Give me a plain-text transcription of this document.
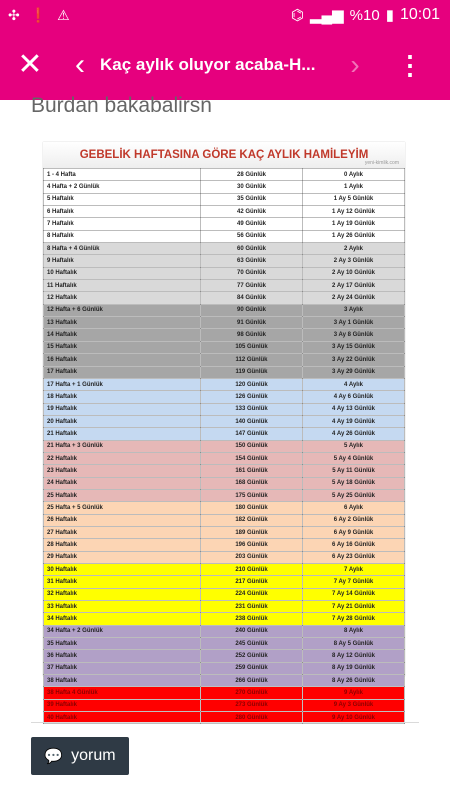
✣ ❗ ⚠	⌬ ▂▄▆ %10 ▮ 10:01
✕	‹ Kaç aylık oluyor acaba-H...	›	⋮
Burdan bakabalirsn
GEBELİK HAFTASINA GÖRE KAÇ AYLIK HAMİLEYİM
yeni-kimlik.com
1 - 4 Hafta	28 Günlük	0 Aylık
4 Hafta + 2 Günlük	30 Günlük	1 Aylık
5 Haftalık	35 Günlük	1 Ay 5 Günlük
6 Haftalık	42 Günlük	1 Ay 12 Günlük
7 Haftalık	49 Günlük	1 Ay 19 Günlük
8 Haftalık	56 Günlük	1 Ay 26 Günlük
8 Hafta + 4 Günlük	60 Günlük	2 Aylık
9 Haftalık	63 Günlük	2 Ay 3 Günlük
10 Haftalık	70 Günlük	2 Ay 10 Günlük
11 Haftalık	77 Günlük	2 Ay 17 Günlük
12 Haftalık	84 Günlük	2 Ay 24 Günlük
12 Hafta + 6 Günlük	90 Günlük	3 Aylık
13 Haftalık	91 Günlük	3 Ay 1 Günlük
14 Haftalık	98 Günlük	3 Ay 8 Günlük
15 Haftalık	105 Günlük	3 Ay 15 Günlük
16 Haftalık	112 Günlük	3 Ay 22 Günlük
17 Haftalık	119 Günlük	3 Ay 29 Günlük
17 Hafta + 1 Günlük	120 Günlük	4 Aylık
18 Haftalık	126 Günlük	4 Ay 6 Günlük
19 Haftalık	133 Günlük	4 Ay 13 Günlük
20 Haftalık	140 Günlük	4 Ay 19 Günlük
21 Haftalık	147 Günlük	4 Ay 26 Günlük
21 Hafta + 3 Günlük	150 Günlük	5 Aylık
22 Haftalık	154 Günlük	5 Ay 4 Günlük
23 Haftalık	161 Günlük	5 Ay 11 Günlük
24 Haftalık	168 Günlük	5 Ay 18 Günlük
25 Haftalık	175 Günlük	5 Ay 25 Günlük
25 Hafta + 5 Günlük	180 Günlük	6 Aylık
26 Haftalık	182 Günlük	6 Ay 2 Günlük
27 Haftalık	189 Günlük	6 Ay 9 Günlük
28 Haftalık	196 Günlük	6 Ay 16 Günlük
29 Haftalık	203 Günlük	6 Ay 23 Günlük
30 Haftalık	210 Günlük	7 Aylık
31 Haftalık	217 Günlük	7 Ay 7 Günlük
32 Haftalık	224 Günlük	7 Ay 14 Günlük
33 Haftalık	231 Günlük	7 Ay 21 Günlük
34 Haftalık	238 Günlük	7 Ay 28 Günlük
34 Hafta + 2 Günlük	240 Günlük	8 Aylık
35 Haftalık	245 Günlük	8 Ay 5 Günlük
36 Haftalık	252 Günlük	8 Ay 12 Günlük
37 Haftalık	259 Günlük	8 Ay 19 Günlük
38 Haftalık	266 Günlük	8 Ay 26 Günlük
38 Hafta 4 Günlük	270 Günlük	9 Aylık
39 Haftalık	273 Günlük	9 Ay 3 Günlük
40 Haftalık	280 Günlük	9 Ay 10 Günlük
💬 yorum
